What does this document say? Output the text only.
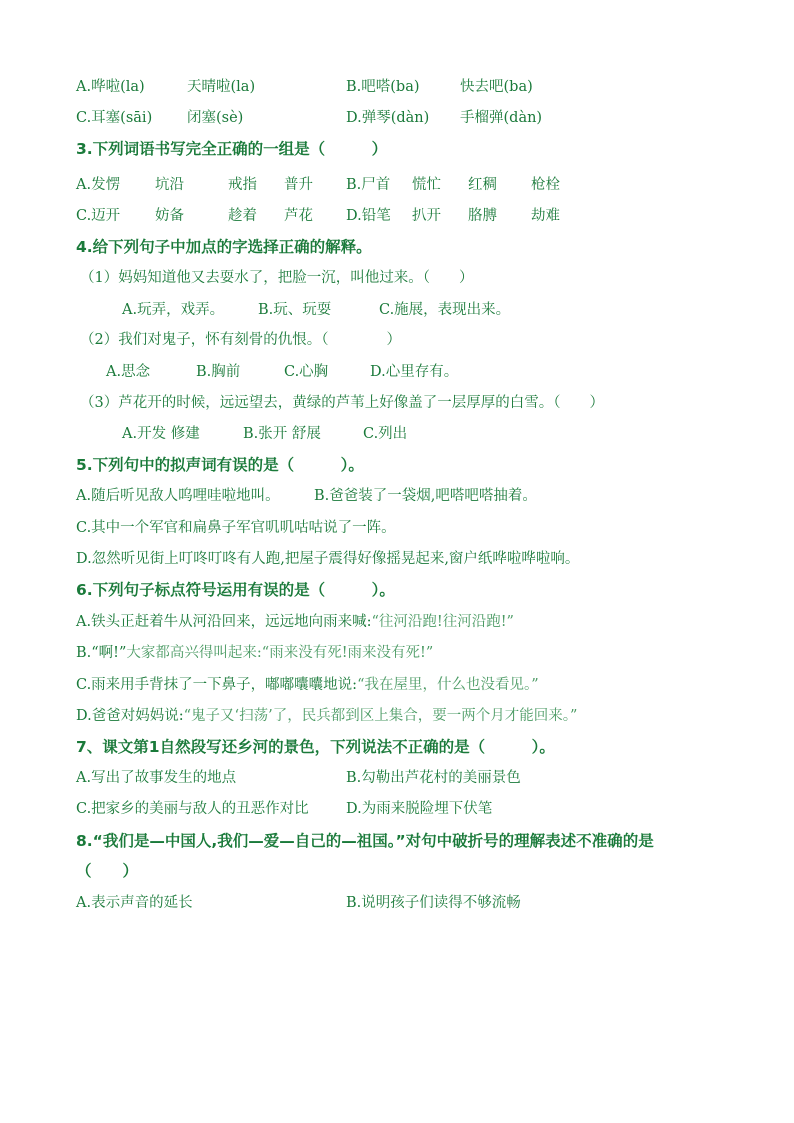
A.哗啦(la)	天晴啦(la)	B.吧嗒(ba)	快去吧(ba)
C.耳塞(sāi) 闭塞(sè)	D.弹琴(dàn) 手榴弹(dàn)
3.下列词语书写完全正确的一组是（　　　）
A.发愣 坑沿	戒指 普升 B.尸首 慌忙 红稠 枪栓
C.迈开 妨备	趁着 芦花 D.铅笔 扒开 胳膊 劫难
4.给下列句子中加点的字选择正确的解释。
（1）妈妈知道他又去耍水了，把脸一沉，叫他过来。（　　）
A.玩弄，戏弄。 B.玩、玩耍	C.施展，表现出来。
（2）我们对鬼子，怀有刻骨的仇恨。（　　　　）
A.思念	B.胸前	C.心胸	D.心里存有。
（3）芦花开的时候，远远望去，黄绿的芦苇上好像盖了一层厚厚的白雪。（　　）
A.开发 修建	B.张开 舒展	C.列出
5.下列句中的拟声词有误的是（　　　）。
A.随后听见敌人呜哩哇啦地叫。 B.爸爸装了一袋烟,吧嗒吧嗒抽着。
C.其中一个军官和扁鼻子军官叽叽咕咕说了一阵。
D.忽然听见街上叮咚叮咚有人跑,把屋子震得好像摇晃起来,窗户纸哗啦哗啦响。
6.下列句子标点符号运用有误的是（　　　）。
A.铁头正赶着牛从河沿回来，远远地向雨来喊:“往河沿跑!往河沿跑!”
B.“啊!”大家都高兴得叫起来:“雨来没有死!雨来没有死!”
C.雨来用手背抹了一下鼻子，嘟嘟囔囔地说:“我在屋里，什么也没看见。”
D.爸爸对妈妈说:“鬼子又‘扫荡’了，民兵都到区上集合，要一两个月才能回来。”
7、课文第1自然段写还乡河的景色，下列说法不正确的是（　　　）。
A.写出了故事发生的地点	B.勾勒出芦花村的美丽景色
C.把家乡的美丽与敌人的丑恶作对比	D.为雨来脱险埋下伏笔
8.“我们是—中国人,我们—爱—自己的—祖国。”对句中破折号的理解表述不准确的是
（　　）
A.表示声音的延长	B.说明孩子们读得不够流畅
